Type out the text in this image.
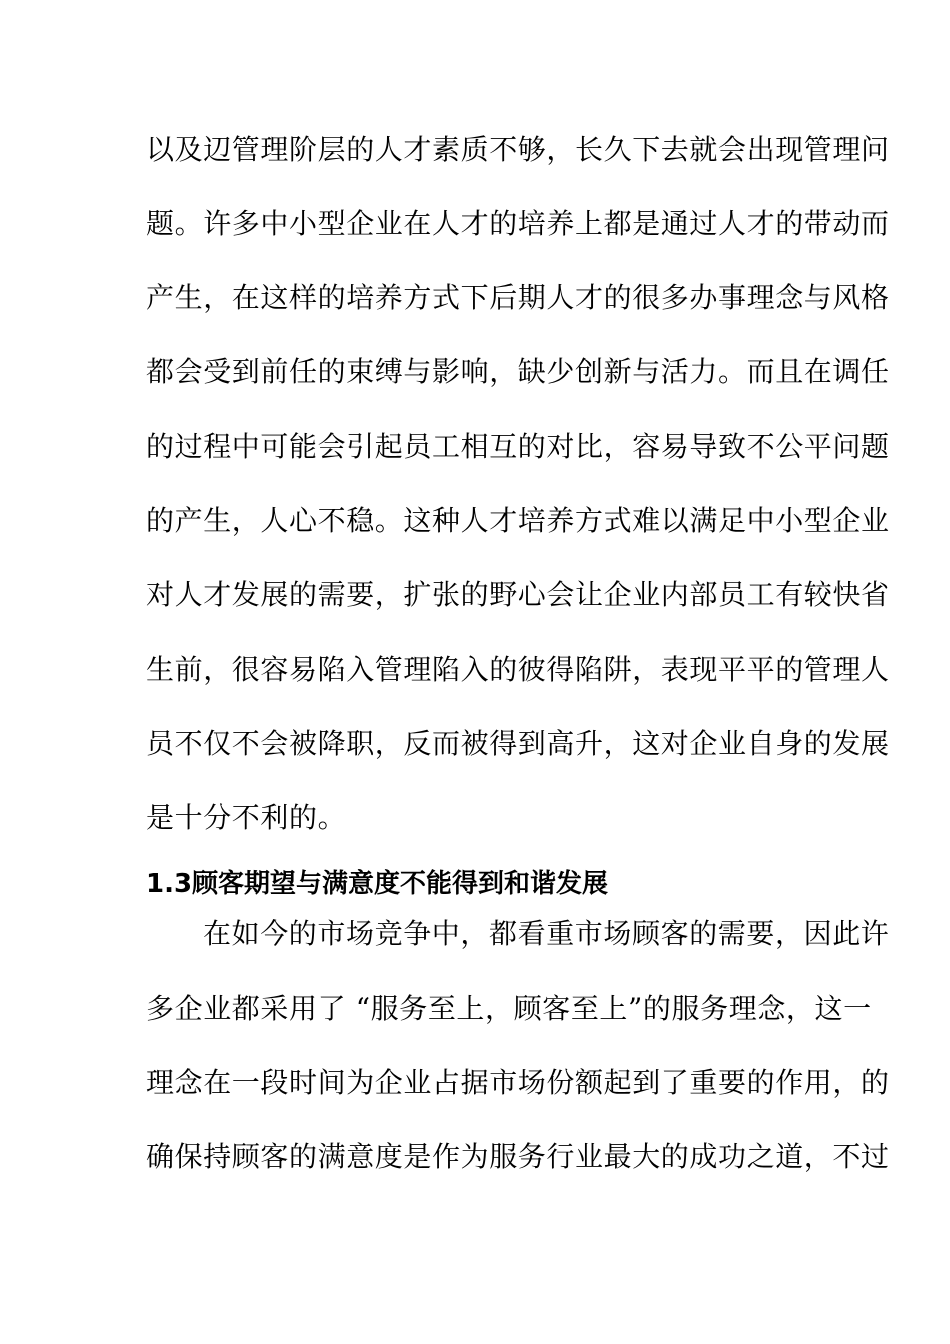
以及辺管理阶层的人才素质不够，长久下去就会出现管理问
题。许多中小型企业在人才的培养上都是通过人才的带动而
产生，在这样的培养方式下后期人才的很多办事理念与风格
都会受到前任的束缚与影响，缺少创新与活力。而且在调任
的过程中可能会引起员工相互的对比，容易导致不公平问题
的产生，人心不稳。这种人才培养方式难以满足中小型企业
对人才发展的需要，扩张的野心会让企业内部员工有较快省
生前，很容易陷入管理陷入的彼得陷阱，表现平平的管理人
员不仅不会被降职，反而被得到高升，这对企业自身的发展
是十分不利的。
1.3顾客期望与满意度不能得到和谐发展
在如今的市场竞争中，都看重市场顾客的需要，因此许
多企业都采用了 “服务至上，顾客至上”的服务理念，这一
理念在一段时间为企业占据市场份额起到了重要的作用，的
确保持顾客的满意度是作为服务行业最大的成功之道，不过
